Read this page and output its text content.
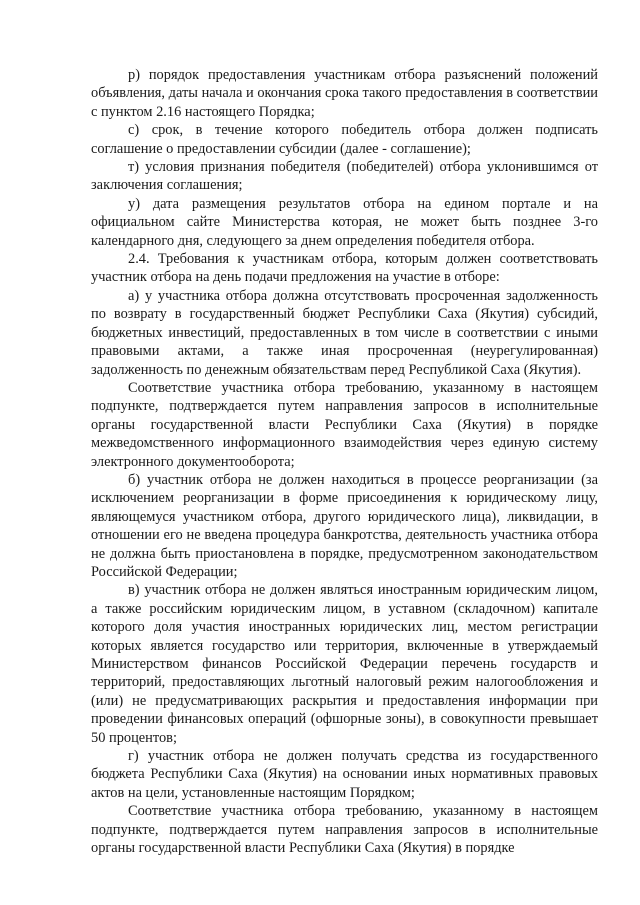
р) порядок предоставления участникам отбора разъяснений положений объявления, даты начала и окончания срока такого предоставления в соответствии с пунктом 2.16 настоящего Порядка;

с) срок, в течение которого победитель отбора должен подписать соглашение о предоставлении субсидии (далее - соглашение);

т) условия признания победителя (победителей) отбора уклонившимся от заключения соглашения;

у) дата размещения результатов отбора на едином портале и на официальном сайте Министерства которая, не может быть позднее 3-го календарного дня, следующего за днем определения победителя отбора.

2.4. Требования к участникам отбора, которым должен соответствовать участник отбора на день подачи предложения на участие в отборе:

а) у участника отбора должна отсутствовать просроченная задолженность по возврату в государственный бюджет Республики Саха (Якутия) субсидий, бюджетных инвестиций, предоставленных в том числе в соответствии с иными правовыми актами, а также иная просроченная (неурегулированная) задолженность по денежным обязательствам перед Республикой Саха (Якутия).

Соответствие участника отбора требованию, указанному в настоящем подпункте, подтверждается путем направления запросов в исполнительные органы государственной власти Республики Саха (Якутия) в порядке межведомственного информационного взаимодействия через единую систему электронного документооборота;

б) участник отбора не должен находиться в процессе реорганизации (за исключением реорганизации в форме присоединения к юридическому лицу, являющемуся участником отбора, другого юридического лица), ликвидации, в отношении его не введена процедура банкротства, деятельность участника отбора не должна быть приостановлена в порядке, предусмотренном законодательством Российской Федерации;

в) участник отбора не должен являться иностранным юридическим лицом, а также российским юридическим лицом, в уставном (складочном) капитале которого доля участия иностранных юридических лиц, местом регистрации которых является государство или территория, включенные в утверждаемый Министерством финансов Российской Федерации перечень государств и территорий, предоставляющих льготный налоговый режим налогообложения и (или) не предусматривающих раскрытия и предоставления информации при проведении финансовых операций (офшорные зоны), в совокупности превышает 50 процентов;

г) участник отбора не должен получать средства из государственного бюджета Республики Саха (Якутия) на основании иных нормативных правовых актов на цели, установленные настоящим Порядком;

Соответствие участника отбора требованию, указанному в настоящем подпункте, подтверждается путем направления запросов в исполнительные органы государственной власти Республики Саха (Якутия) в порядке
